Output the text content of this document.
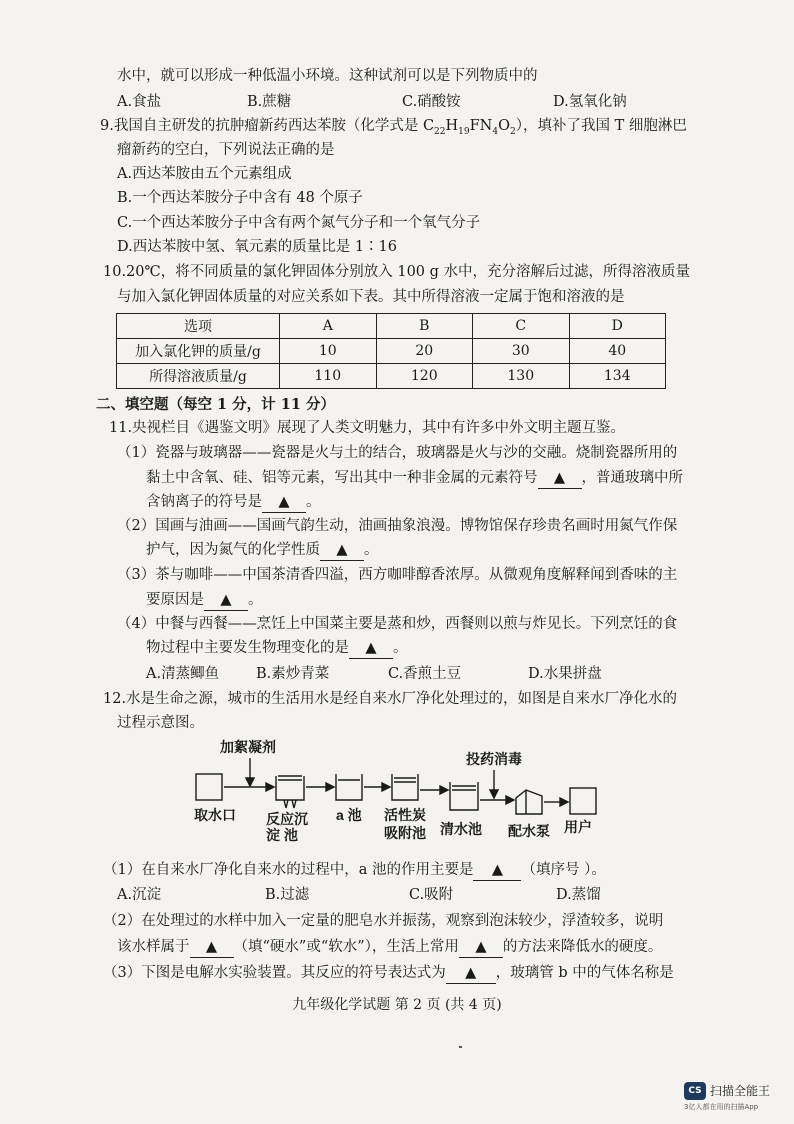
水中，就可以形成一种低温小环境。这种试剂可以是下列物质中的
A.食盐	B.蔗糖	C.硝酸铵	D.氢氧化钠
9.我国自主研发的抗肿瘤新药西达苯胺（化学式是 $C_{22}H_{19}FN_4O_2$），填补了我国 T 细胞淋巴
瘤新药的空白，下列说法正确的是
A.西达苯胺由五个元素组成
B.一个西达苯胺分子中含有 48 个原子
C.一个西达苯胺分子中含有两个氮气分子和一个氧气分子
D.西达苯胺中氢、氧元素的质量比是 1∶16
10.20℃，将不同质量的氯化钾固体分别放入 100 g 水中，充分溶解后过滤，所得溶液质量
与加入氯化钾固体质量的对应关系如下表。其中所得溶液一定属于饱和溶液的是
选项	A	B	C	D
加入氯化钾的质量/g	10	20	30	40
所得溶液质量/g	110	120	130	134
二、填空题（每空 1 分，计 11 分）
11.央视栏目《遇鉴文明》展现了人类文明魅力，其中有许多中外文明主题互鉴。
（1）瓷器与玻璃器——瓷器是火与土的结合，玻璃器是火与沙的交融。烧制瓷器所用的
黏土中含氧、硅、铝等元素，写出其中一种非金属的元素符号 ▲ ，普通玻璃中所
含钠离子的符号是 ▲ 。
（2）国画与油画——国画气韵生动，油画抽象浪漫。博物馆保存珍贵名画时用氮气作保
护气，因为氮气的化学性质 ▲ 。
（3）茶与咖啡——中国茶清香四溢，西方咖啡醇香浓厚。从微观角度解释闻到香味的主
要原因是 ▲ 。
（4）中餐与西餐——烹饪上中国菜主要是蒸和炒，西餐则以煎与炸见长。下列烹饪的食
物过程中主要发生物理变化的是 ▲ 。
A.清蒸鲫鱼	B.素炒青菜	C.香煎土豆	D.水果拼盘
12.水是生命之源，城市的生活用水是经自来水厂净化处理过的，如图是自来水厂净化水的
过程示意图。
加絮凝剂
投药消毒
取水口 反应沉
淀 池
a 池 活性炭
吸附池 清水池 配水泵 用户
（1）在自来水厂净化自来水的过程中，a 池的作用主要是 ▲ （填序号 ）。
A.沉淀	B.过滤	C.吸附	D.蒸馏
（2）在处理过的水样中加入一定量的肥皂水并振荡，观察到泡沫较少，浮渣较多，说明
该水样属于 ▲ （填“硬水”或“软水”），生活上常用 ▲ 的方法来降低水的硬度。
（3）下图是电解水实验装置。其反应的符号表达式为 ▲ ，玻璃管 b 中的气体名称是
九年级化学试题 第 2 页 (共 4 页)
CS 扫描全能王
3亿人都在用的扫描App
